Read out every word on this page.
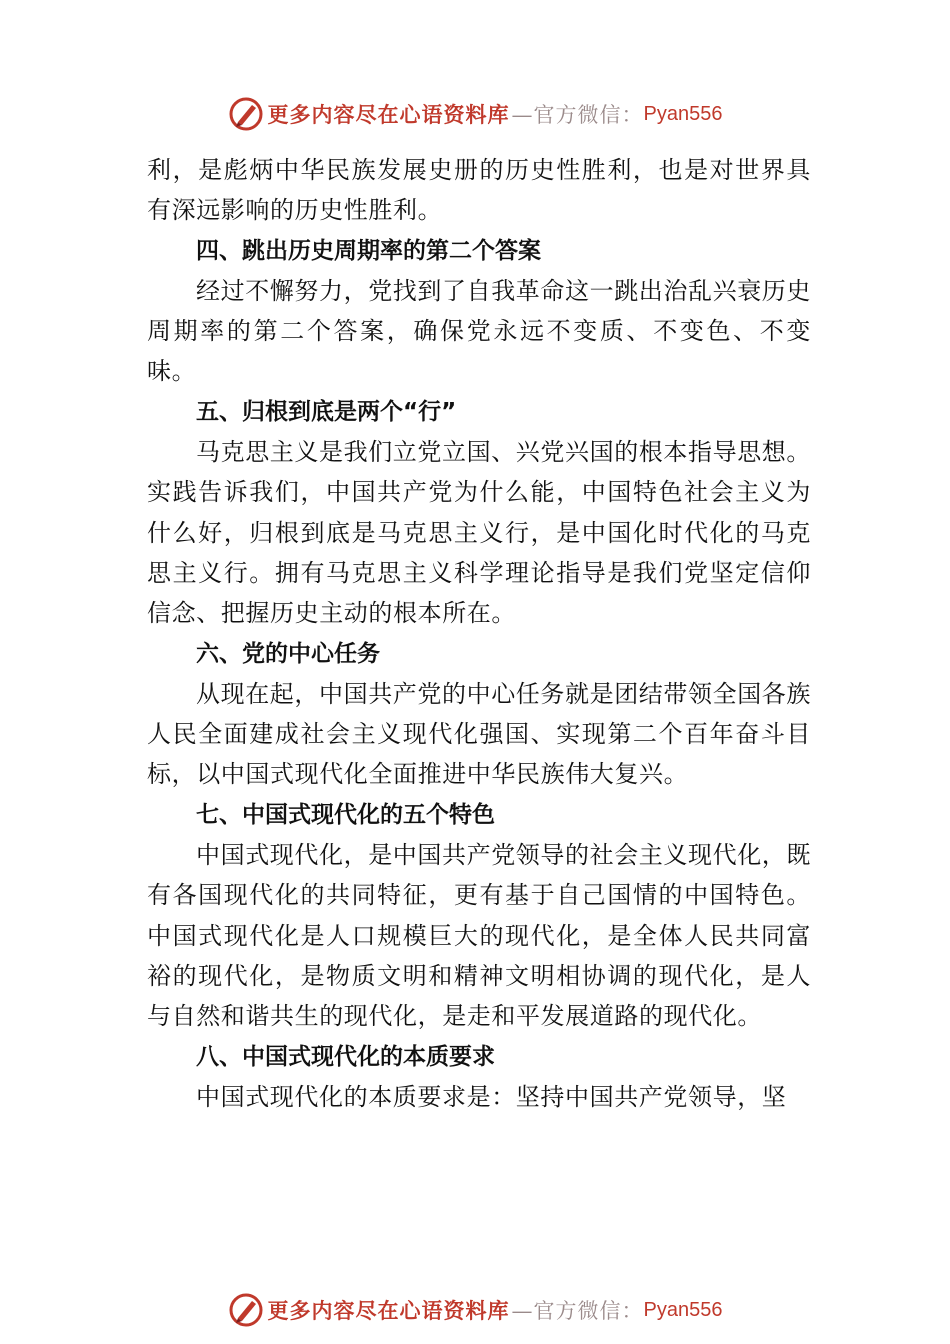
更多内容尽在心语资料库 —官方微信： Pyan556

利，是彪炳中华民族发展史册的历史性胜利，也是对世界具有深远影响的历史性胜利。

四、跳出历史周期率的第二个答案

经过不懈努力，党找到了自我革命这一跳出治乱兴衰历史周期率的第二个答案，确保党永远不变质、不变色、不变味。

五、归根到底是两个“行”

马克思主义是我们立党立国、兴党兴国的根本指导思想。实践告诉我们，中国共产党为什么能，中国特色社会主义为什么好，归根到底是马克思主义行，是中国化时代化的马克思主义行。拥有马克思主义科学理论指导是我们党坚定信仰信念、把握历史主动的根本所在。

六、党的中心任务

从现在起，中国共产党的中心任务就是团结带领全国各族人民全面建成社会主义现代化强国、实现第二个百年奋斗目标，以中国式现代化全面推进中华民族伟大复兴。

七、中国式现代化的五个特色

中国式现代化，是中国共产党领导的社会主义现代化，既有各国现代化的共同特征，更有基于自己国情的中国特色。中国式现代化是人口规模巨大的现代化，是全体人民共同富裕的现代化，是物质文明和精神文明相协调的现代化，是人与自然和谐共生的现代化，是走和平发展道路的现代化。

八、中国式现代化的本质要求

中国式现代化的本质要求是：坚持中国共产党领导，坚

更多内容尽在心语资料库 —官方微信： Pyan556
